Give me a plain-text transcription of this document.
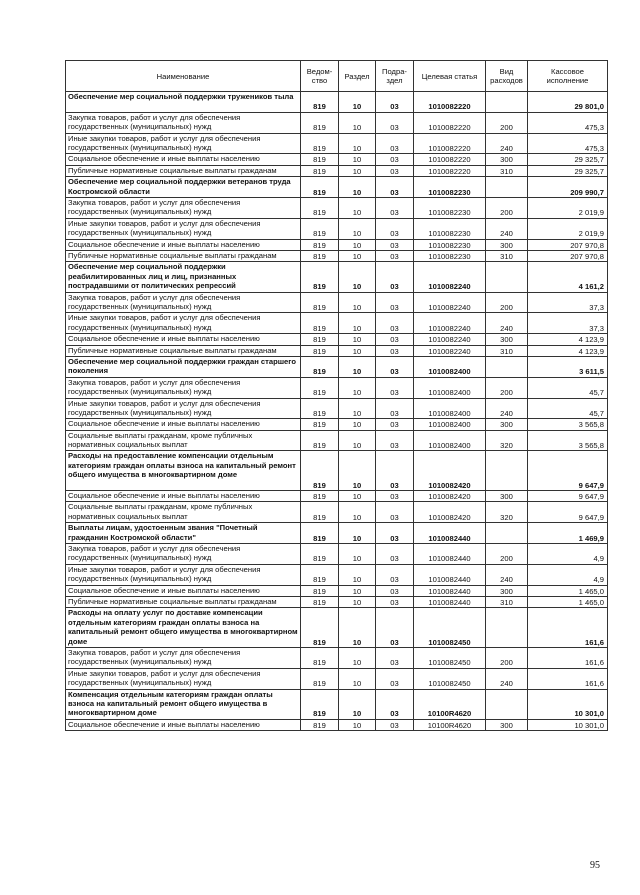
Наименование	Ведом-ство	Раздел	Подра-здел	Целевая статья	Вид расходов	Кассовое исполнение
Обеспечение мер социальной поддержки тружеников тыла	819	10	03	1010082220		29 801,0
Закупка товаров, работ и услуг для обеспечения государственных (муниципальных) нужд	819	10	03	1010082220	200	475,3
Иные закупки товаров, работ и услуг для обеспечения государственных (муниципальных) нужд	819	10	03	1010082220	240	475,3
Социальное обеспечение и иные выплаты населению	819	10	03	1010082220	300	29 325,7
Публичные нормативные социальные выплаты гражданам	819	10	03	1010082220	310	29 325,7
Обеспечение мер социальной поддержки ветеранов труда Костромской области	819	10	03	1010082230		209 990,7
Закупка товаров, работ и услуг для обеспечения государственных (муниципальных) нужд	819	10	03	1010082230	200	2 019,9
Иные закупки товаров, работ и услуг для обеспечения государственных (муниципальных) нужд	819	10	03	1010082230	240	2 019,9
Социальное обеспечение и иные выплаты населению	819	10	03	1010082230	300	207 970,8
Публичные нормативные социальные выплаты гражданам	819	10	03	1010082230	310	207 970,8
Обеспечение мер социальной поддержки реабилитированных лиц и лиц, признанных пострадавшими от политических репрессий	819	10	03	1010082240		4 161,2
Закупка товаров, работ и услуг для обеспечения государственных (муниципальных) нужд	819	10	03	1010082240	200	37,3
Иные закупки товаров, работ и услуг для обеспечения государственных (муниципальных) нужд	819	10	03	1010082240	240	37,3
Социальное обеспечение и иные выплаты населению	819	10	03	1010082240	300	4 123,9
Публичные нормативные социальные выплаты гражданам	819	10	03	1010082240	310	4 123,9
Обеспечение мер социальной поддержки граждан старшего поколения	819	10	03	1010082400		3 611,5
Закупка товаров, работ и услуг для обеспечения государственных (муниципальных) нужд	819	10	03	1010082400	200	45,7
Иные закупки товаров, работ и услуг для обеспечения государственных (муниципальных) нужд	819	10	03	1010082400	240	45,7
Социальное обеспечение и иные выплаты населению	819	10	03	1010082400	300	3 565,8
Социальные выплаты гражданам, кроме публичных нормативных социальных выплат	819	10	03	1010082400	320	3 565,8
Расходы на предоставление компенсации отдельным категориям граждан оплаты взноса на капитальный ремонт общего имущества в многоквартирном доме	819	10	03	1010082420		9 647,9
Социальное обеспечение и иные выплаты населению	819	10	03	1010082420	300	9 647,9
Социальные выплаты гражданам, кроме публичных нормативных социальных выплат	819	10	03	1010082420	320	9 647,9
Выплаты лицам, удостоенным звания "Почетный гражданин Костромской области"	819	10	03	1010082440		1 469,9
Закупка товаров, работ и услуг для обеспечения государственных (муниципальных) нужд	819	10	03	1010082440	200	4,9
Иные закупки товаров, работ и услуг для обеспечения государственных (муниципальных) нужд	819	10	03	1010082440	240	4,9
Социальное обеспечение и иные выплаты населению	819	10	03	1010082440	300	1 465,0
Публичные нормативные социальные выплаты гражданам	819	10	03	1010082440	310	1 465,0
Расходы на оплату услуг по доставке компенсации отдельным категориям граждан оплаты взноса на капитальный ремонт общего имущества в многоквартирном доме	819	10	03	1010082450		161,6
Закупка товаров, работ и услуг для обеспечения государственных (муниципальных) нужд	819	10	03	1010082450	200	161,6
Иные закупки товаров, работ и услуг для обеспечения государственных (муниципальных) нужд	819	10	03	1010082450	240	161,6
Компенсация отдельным категориям граждан оплаты взноса на капитальный ремонт общего имущества в многоквартирном доме	819	10	03	10100R4620		10 301,0
Социальное обеспечение и иные выплаты населению	819	10	03	10100R4620	300	10 301,0
95
